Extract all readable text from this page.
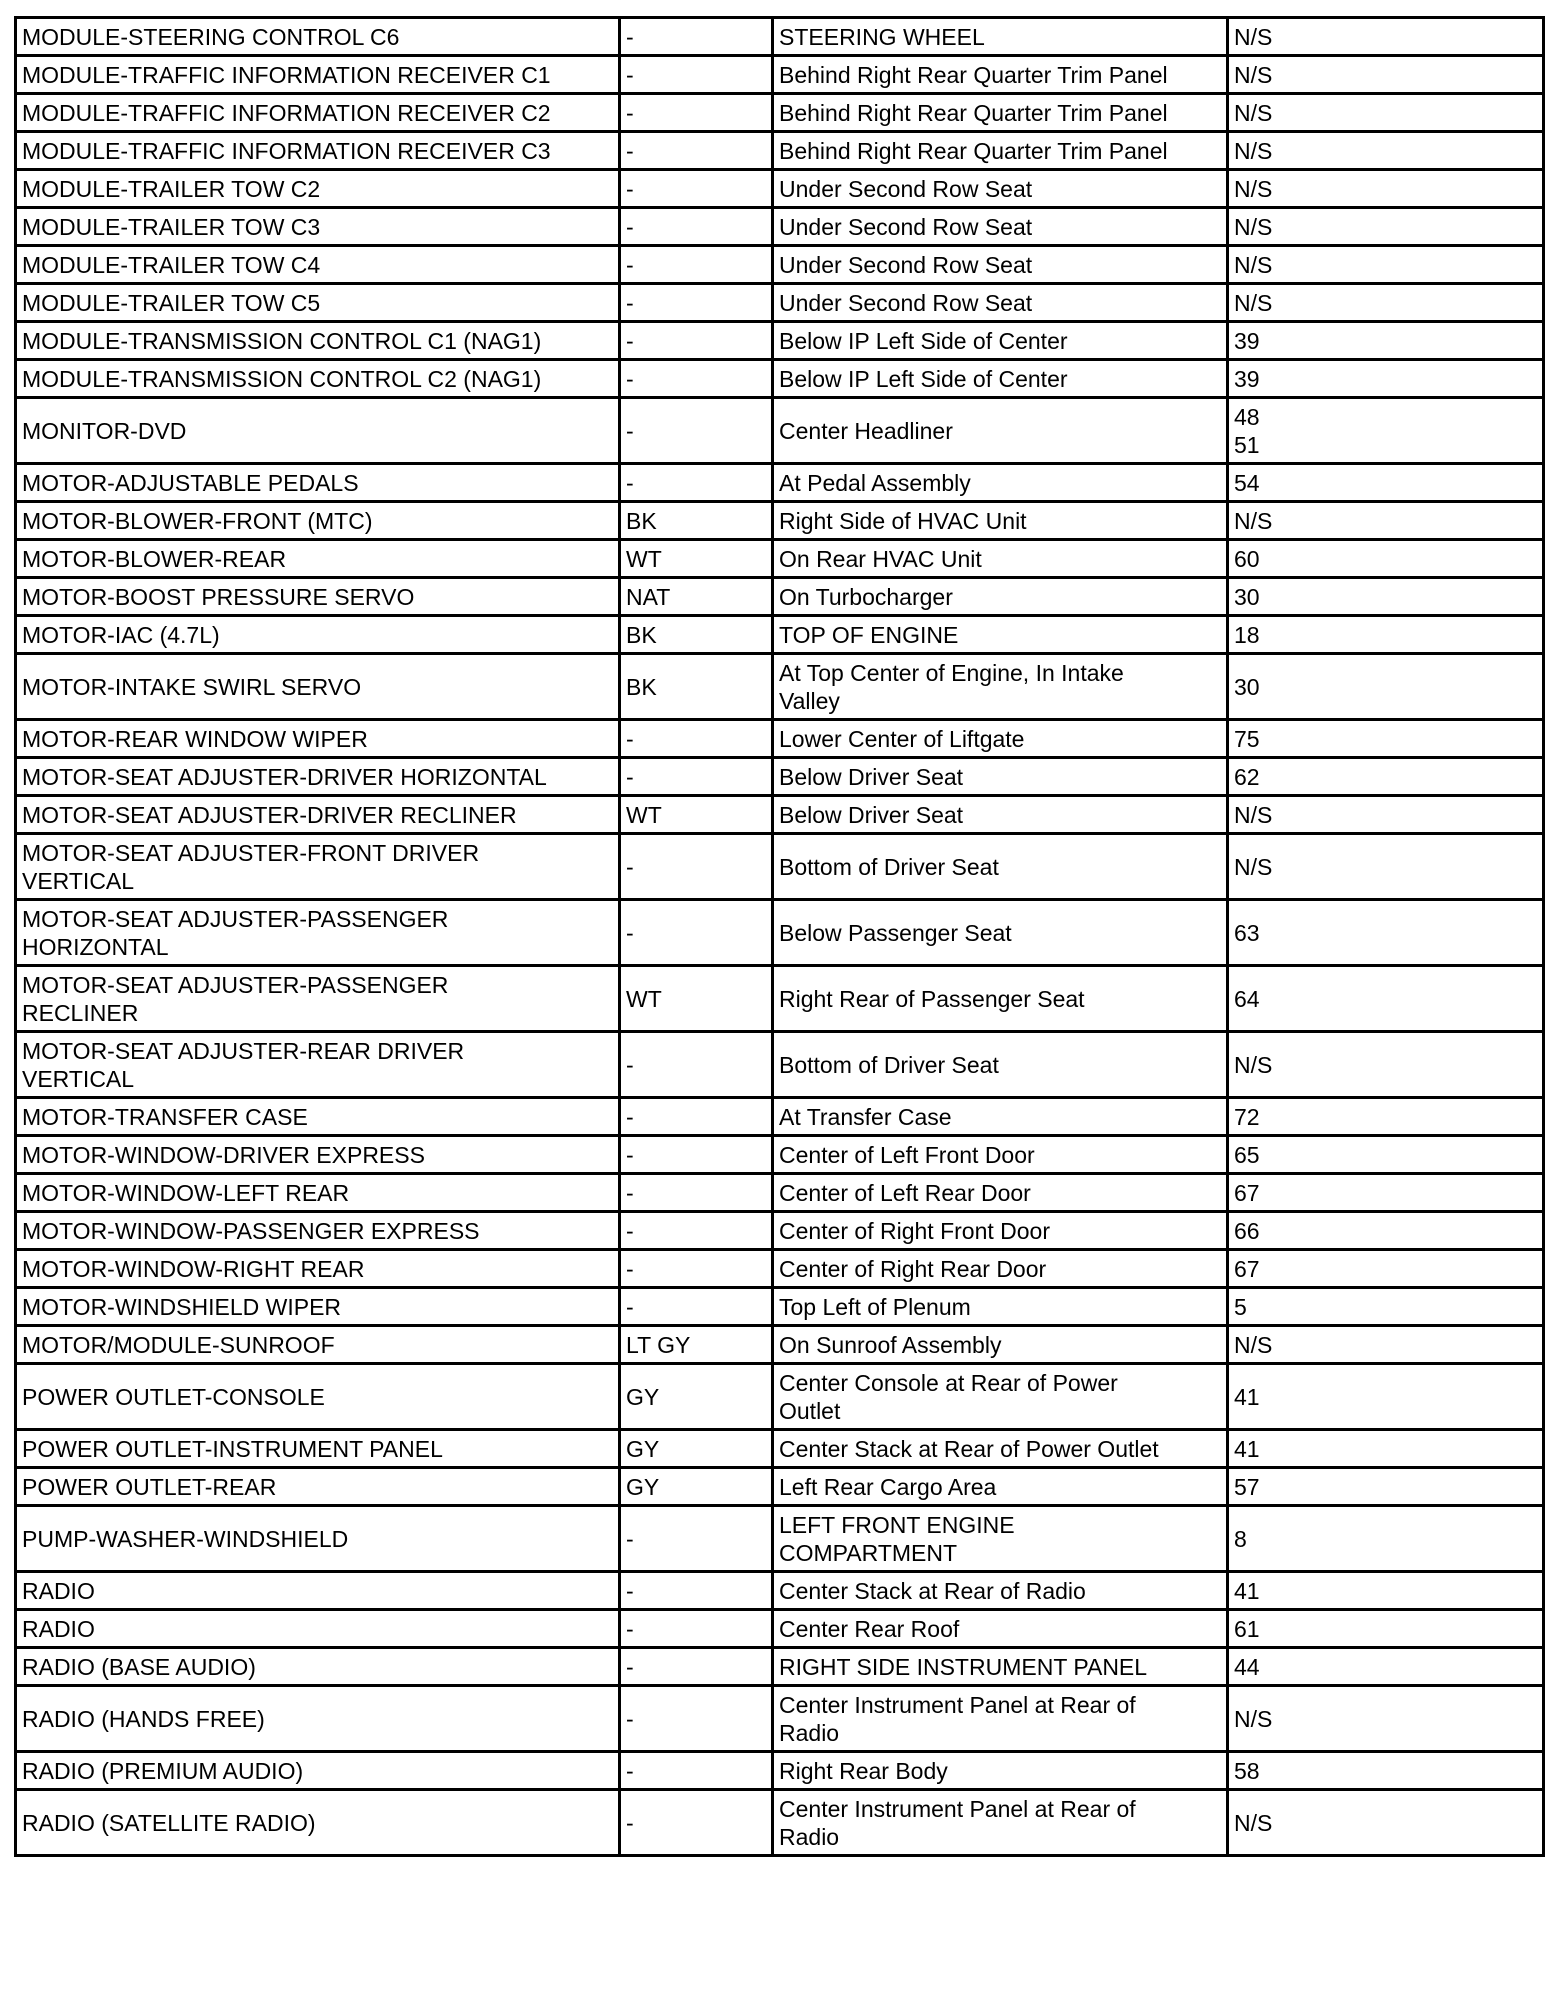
MODULE-STEERING CONTROL C6	-	STEERING WHEEL	N/S

MODULE-TRAFFIC INFORMATION RECEIVER C1	-	Behind Right Rear Quarter Trim Panel	N/S

MODULE-TRAFFIC INFORMATION RECEIVER C2	-	Behind Right Rear Quarter Trim Panel	N/S

MODULE-TRAFFIC INFORMATION RECEIVER C3	-	Behind Right Rear Quarter Trim Panel	N/S

MODULE-TRAILER TOW C2	-	Under Second Row Seat	N/S

MODULE-TRAILER TOW C3	-	Under Second Row Seat	N/S

MODULE-TRAILER TOW C4	-	Under Second Row Seat	N/S

MODULE-TRAILER TOW C5	-	Under Second Row Seat	N/S

MODULE-TRANSMISSION CONTROL C1 (NAG1)	-	Below IP Left Side of Center	39

MODULE-TRANSMISSION CONTROL C2 (NAG1)	-	Below IP Left Side of Center	39

MONITOR-DVD	-	Center Headliner	48
51

MOTOR-ADJUSTABLE PEDALS	-	At Pedal Assembly	54

MOTOR-BLOWER-FRONT (MTC)	BK	Right Side of HVAC Unit	N/S

MOTOR-BLOWER-REAR	WT	On Rear HVAC Unit	60

MOTOR-BOOST PRESSURE SERVO	NAT	On Turbocharger	30

MOTOR-IAC (4.7L)	BK	TOP OF ENGINE	18

MOTOR-INTAKE SWIRL SERVO	BK	At Top Center of Engine, In Intake
Valley	30

MOTOR-REAR WINDOW WIPER	-	Lower Center of Liftgate	75

MOTOR-SEAT ADJUSTER-DRIVER HORIZONTAL	-	Below Driver Seat	62

MOTOR-SEAT ADJUSTER-DRIVER RECLINER	WT	Below Driver Seat	N/S

MOTOR-SEAT ADJUSTER-FRONT DRIVER
VERTICAL	-	Bottom of Driver Seat	N/S

MOTOR-SEAT ADJUSTER-PASSENGER
HORIZONTAL	-	Below Passenger Seat	63

MOTOR-SEAT ADJUSTER-PASSENGER
RECLINER	WT	Right Rear of Passenger Seat	64

MOTOR-SEAT ADJUSTER-REAR DRIVER
VERTICAL	-	Bottom of Driver Seat	N/S

MOTOR-TRANSFER CASE	-	At Transfer Case	72

MOTOR-WINDOW-DRIVER EXPRESS	-	Center of Left Front Door	65

MOTOR-WINDOW-LEFT REAR	-	Center of Left Rear Door	67

MOTOR-WINDOW-PASSENGER EXPRESS	-	Center of Right Front Door	66

MOTOR-WINDOW-RIGHT REAR	-	Center of Right Rear Door	67

MOTOR-WINDSHIELD WIPER	-	Top Left of Plenum	5

MOTOR/MODULE-SUNROOF	LT GY	On Sunroof Assembly	N/S

POWER OUTLET-CONSOLE	GY	Center Console at Rear of Power
Outlet	41

POWER OUTLET-INSTRUMENT PANEL	GY	Center Stack at Rear of Power Outlet	41

POWER OUTLET-REAR	GY	Left Rear Cargo Area	57

PUMP-WASHER-WINDSHIELD	-	LEFT FRONT ENGINE
COMPARTMENT	8

RADIO	-	Center Stack at Rear of Radio	41

RADIO	-	Center Rear Roof	61

RADIO (BASE AUDIO)	-	RIGHT SIDE INSTRUMENT PANEL	44

RADIO (HANDS FREE)	-	Center Instrument Panel at Rear of
Radio	N/S

RADIO (PREMIUM AUDIO)	-	Right Rear Body	58

RADIO (SATELLITE RADIO)	-	Center Instrument Panel at Rear of
Radio	N/S
